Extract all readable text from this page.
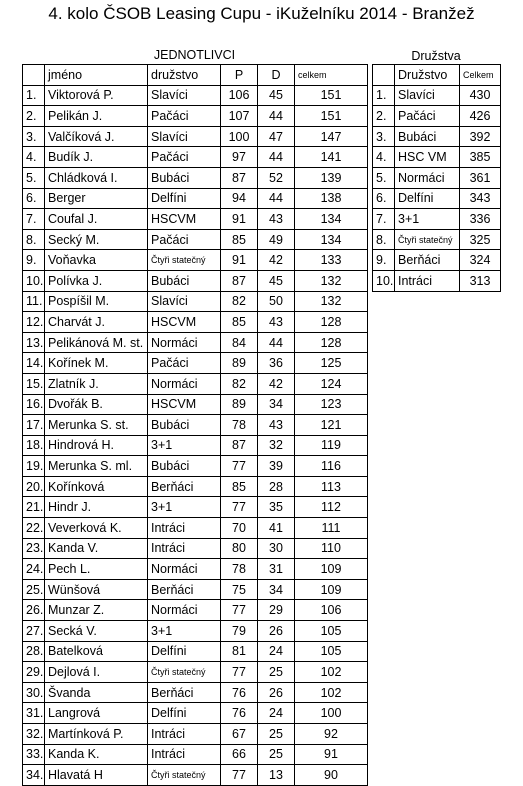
4. kolo ČSOB Leasing Cupu - iKuželníku 2014 - Branžež
JEDNOTLIVCI	Družstva
	jméno	družstvo	P	D	celkem
1.	Viktorová P.	Slavíci	106	45	151
2.	Pelikán J.	Pačáci	107	44	151
3.	Valčíková J.	Slavíci	100	47	147
4.	Budík J.	Pačáci	97	44	141
5.	Chládková I.	Bubáci	87	52	139
6.	Berger	Delfíni	94	44	138
7.	Coufal J.	HSCVM	91	43	134
8.	Secký M.	Pačáci	85	49	134
9.	Voňavka	Čtyři statečný	91	42	133
10.	Polívka J.	Bubáci	87	45	132
11.	Pospíšil M.	Slavíci	82	50	132
12.	Charvát J.	HSCVM	85	43	128
13.	Pelikánová M. st.	Normáci	84	44	128
14.	Kořínek M.	Pačáci	89	36	125
15.	Zlatník J.	Normáci	82	42	124
16.	Dvořák B.	HSCVM	89	34	123
17.	Merunka S. st.	Bubáci	78	43	121
18.	Hindrová H.	3+1	87	32	119
19.	Merunka S. ml.	Bubáci	77	39	116
20.	Kořínková	Berňáci	85	28	113
21.	Hindr J.	3+1	77	35	112
22.	Veverková K.	Intráci	70	41	111
23.	Kanda V.	Intráci	80	30	110
24.	Pech L.	Normáci	78	31	109
25.	Wünšová	Berňáci	75	34	109
26.	Munzar Z.	Normáci	77	29	106
27.	Secká V.	3+1	79	26	105
28.	Batelková	Delfíni	81	24	105
29.	Dejlová I.	Čtyři statečný	77	25	102
30.	Švanda	Berňáci	76	26	102
31.	Langrová	Delfíni	76	24	100
32.	Martínková P.	Intráci	67	25	92
33.	Kanda K.	Intráci	66	25	91
34.	Hlavatá H	Čtyři statečný	77	13	90
	Družstvo	Celkem
1.	Slavíci	430
2.	Pačáci	426
3.	Bubáci	392
4.	HSC VM	385
5.	Normáci	361
6.	Delfíni	343
7.	3+1	336
8.	Čtyři statečný	325
9.	Berňáci	324
10.	Intráci	313
